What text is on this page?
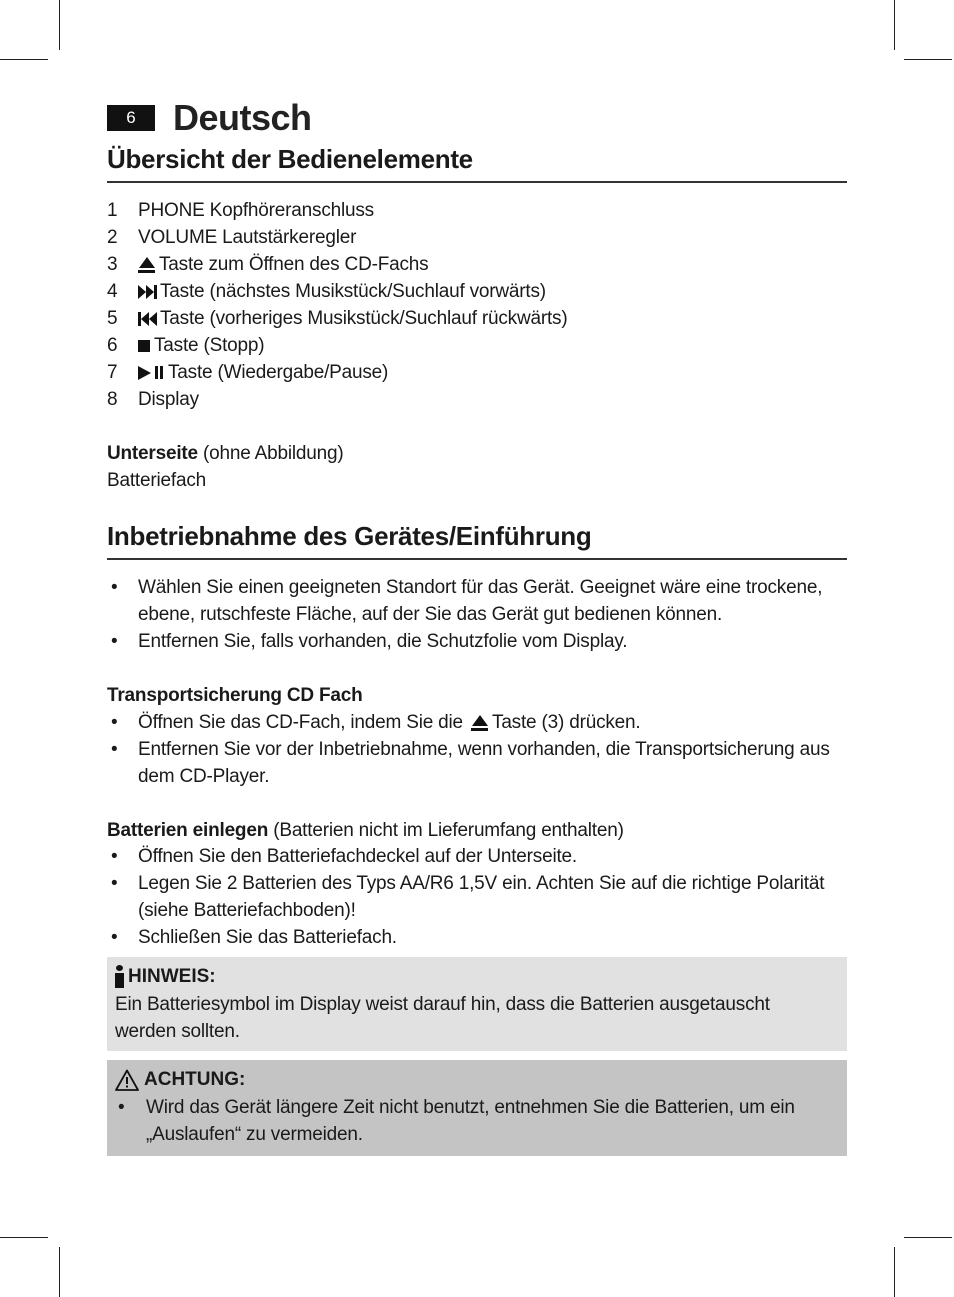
6	Deutsch
Übersicht der Bedienelemente
1	PHONE Kopfhöreranschluss
2	VOLUME Lautstärkeregler
3	Taste zum Öffnen des CD-Fachs
4	Taste (nächstes Musikstück/Suchlauf vorwärts)
5	Taste (vorheriges Musikstück/Suchlauf rückwärts)
6	Taste (Stopp)
7	Taste (Wiedergabe/Pause)
8	Display
Unterseite (ohne Abbildung)
Batteriefach
Inbetriebnahme des Gerätes/Einführung
• Wählen Sie einen geeigneten Standort für das Gerät. Geeignet wäre eine trockene, ebene, rutschfeste Fläche, auf der Sie das Gerät gut bedienen können.
• Entfernen Sie, falls vorhanden, die Schutzfolie vom Display.
Transportsicherung CD Fach
• Öffnen Sie das CD-Fach, indem Sie die Taste (3) drücken.
• Entfernen Sie vor der Inbetriebnahme, wenn vorhanden, die Transportsicherung aus dem CD-Player.
Batterien einlegen (Batterien nicht im Lieferumfang enthalten)
• Öffnen Sie den Batteriefachdeckel auf der Unterseite.
• Legen Sie 2 Batterien des Typs AA/R6 1,5V ein. Achten Sie auf die richtige Polarität (siehe Batteriefachboden)!
• Schließen Sie das Batteriefach.
HINWEIS:
Ein Batteriesymbol im Display weist darauf hin, dass die Batterien ausgetauscht werden sollten.
ACHTUNG:
• Wird das Gerät längere Zeit nicht benutzt, entnehmen Sie die Batterien, um ein „Auslaufen“ zu vermeiden.
